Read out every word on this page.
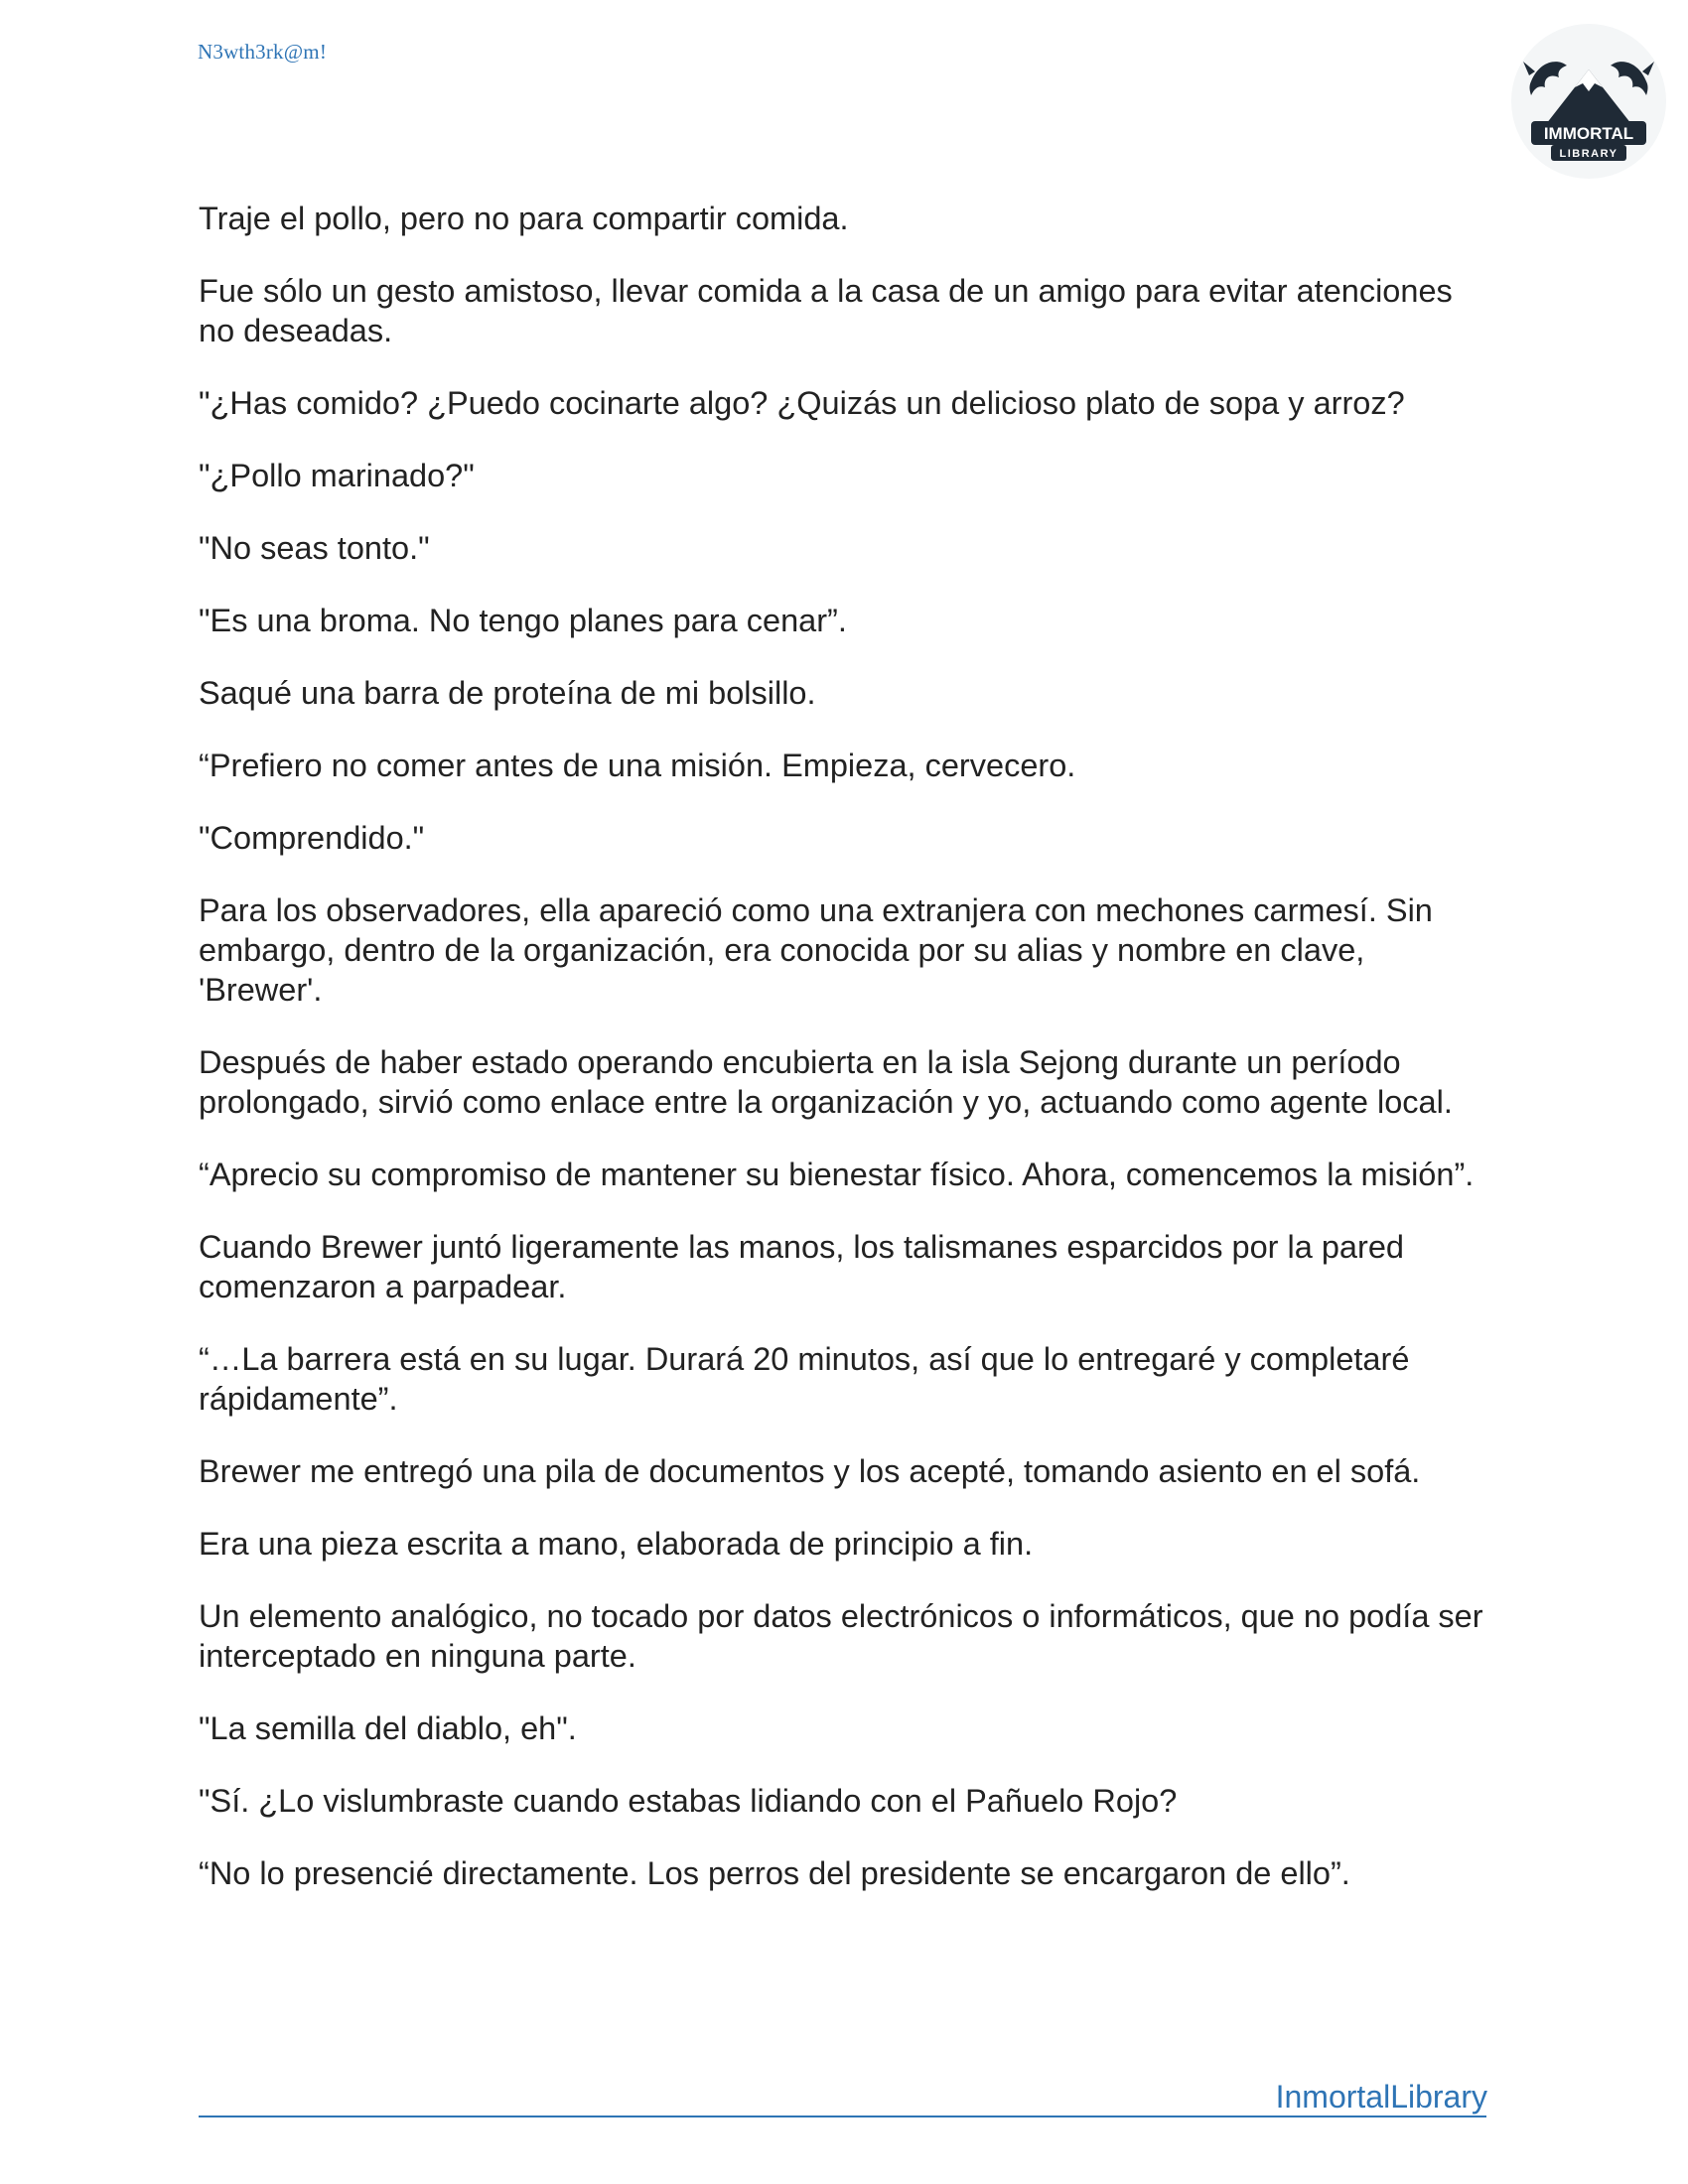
N3wth3rk@m!
IMMORTAL
LIBRARY

Traje el pollo, pero no para compartir comida.

Fue sólo un gesto amistoso, llevar comida a la casa de un amigo para evitar atenciones no deseadas.

"¿Has comido? ¿Puedo cocinarte algo? ¿Quizás un delicioso plato de sopa y arroz?

"¿Pollo marinado?"

"No seas tonto."

"Es una broma. No tengo planes para cenar”.

Saqué una barra de proteína de mi bolsillo.

“Prefiero no comer antes de una misión. Empieza, cervecero.

"Comprendido."

Para los observadores, ella apareció como una extranjera con mechones carmesí. Sin embargo, dentro de la organización, era conocida por su alias y nombre en clave, 'Brewer'.

Después de haber estado operando encubierta en la isla Sejong durante un período prolongado, sirvió como enlace entre la organización y yo, actuando como agente local.

“Aprecio su compromiso de mantener su bienestar físico. Ahora, comencemos la misión”.

Cuando Brewer juntó ligeramente las manos, los talismanes esparcidos por la pared comenzaron a parpadear.

“…La barrera está en su lugar. Durará 20 minutos, así que lo entregaré y completaré rápidamente”.

Brewer me entregó una pila de documentos y los acepté, tomando asiento en el sofá.

Era una pieza escrita a mano, elaborada de principio a fin.

Un elemento analógico, no tocado por datos electrónicos o informáticos, que no podía ser interceptado en ninguna parte.

"La semilla del diablo, eh".

"Sí. ¿Lo vislumbraste cuando estabas lidiando con el Pañuelo Rojo?

“No lo presencié directamente. Los perros del presidente se encargaron de ello”.

InmortalLibrary
